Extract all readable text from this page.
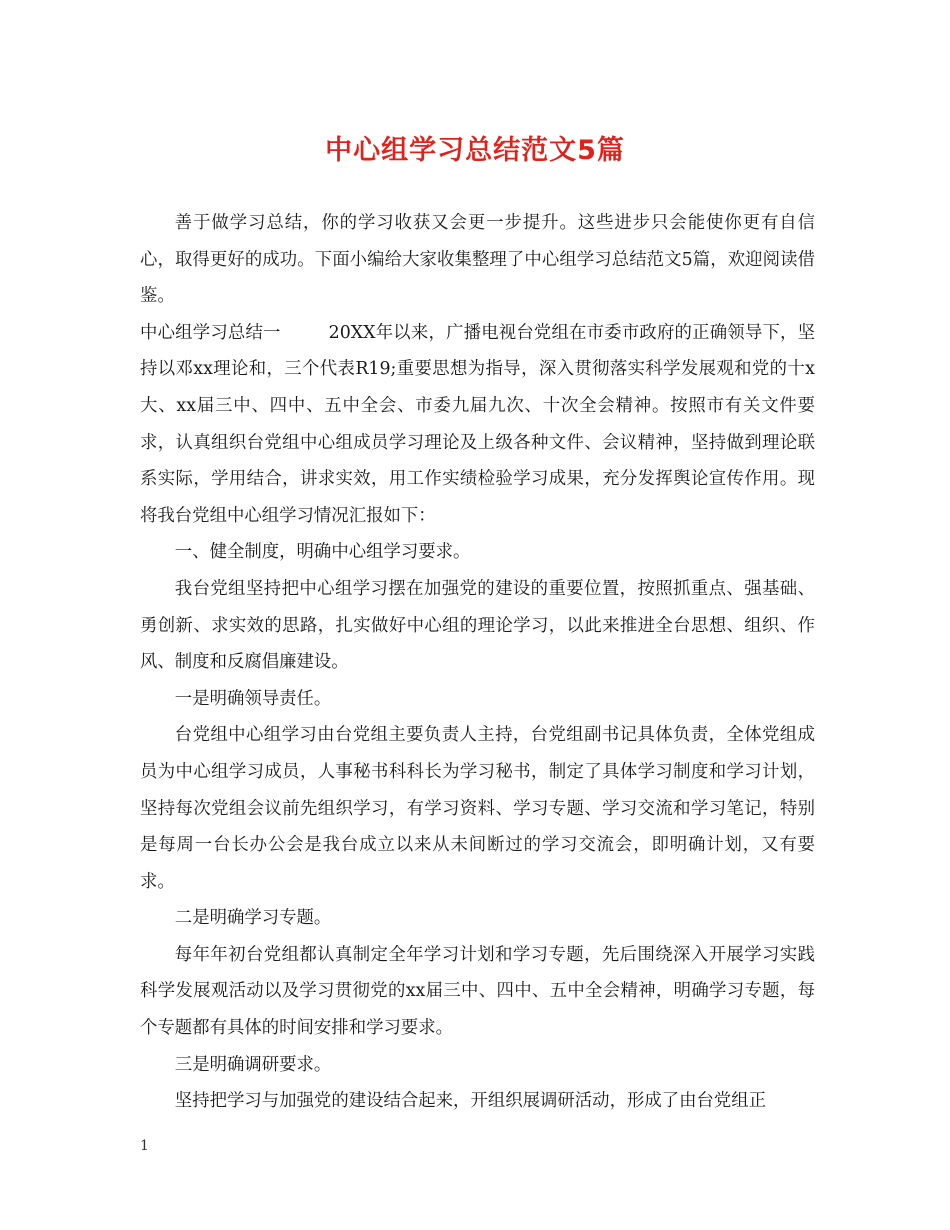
中心组学习总结范文5篇

善于做学习总结，你的学习收获又会更一步提升。这些进步只会能使你更有自信心，取得更好的成功。下面小编给大家收集整理了中心组学习总结范文5篇，欢迎阅读借鉴。

中心组学习总结一	20XX年以来，广播电视台党组在市委市政府的正确领导下，坚持以邓xx理论和，三个代表R19;重要思想为指导，深入贯彻落实科学发展观和党的十x大、xx届三中、四中、五中全会、市委九届九次、十次全会精神。按照市有关文件要求，认真组织台党组中心组成员学习理论及上级各种文件、会议精神，坚持做到理论联系实际，学用结合，讲求实效，用工作实绩检验学习成果，充分发挥舆论宣传作用。现将我台党组中心组学习情况汇报如下：

一、健全制度，明确中心组学习要求。

我台党组坚持把中心组学习摆在加强党的建设的重要位置，按照抓重点、强基础、勇创新、求实效的思路，扎实做好中心组的理论学习，以此来推进全台思想、组织、作风、制度和反腐倡廉建设。

一是明确领导责任。

台党组中心组学习由台党组主要负责人主持，台党组副书记具体负责，全体党组成员为中心组学习成员，人事秘书科科长为学习秘书，制定了具体学习制度和学习计划，坚持每次党组会议前先组织学习，有学习资料、学习专题、学习交流和学习笔记，特别是每周一台长办公会是我台成立以来从未间断过的学习交流会，即明确计划，又有要求。

二是明确学习专题。

每年年初台党组都认真制定全年学习计划和学习专题，先后围绕深入开展学习实践科学发展观活动以及学习贯彻党的xx届三中、四中、五中全会精神，明确学习专题，每个专题都有具体的时间安排和学习要求。

三是明确调研要求。

坚持把学习与加强党的建设结合起来，开组织展调研活动，形成了由台党组正

1
